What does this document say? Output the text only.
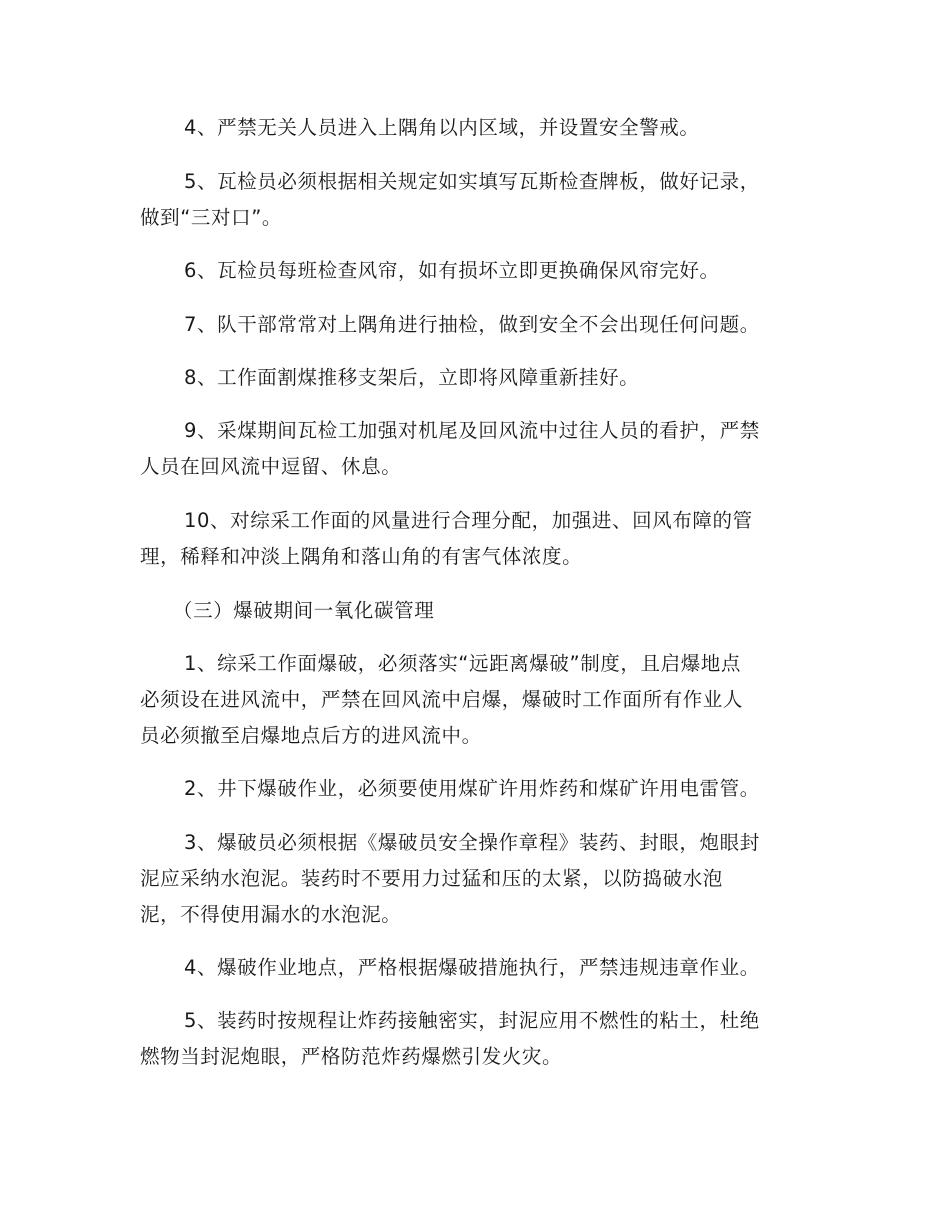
4、严禁无关人员进入上隅角以内区域，并设置安全警戒。

5、瓦检员必须根据相关规定如实填写瓦斯检查牌板，做好记录，
做到“三对口”。

6、瓦检员每班检查风帘，如有损坏立即更换确保风帘完好。

7、队干部常常对上隅角进行抽检，做到安全不会出现任何问题。

8、工作面割煤推移支架后，立即将风障重新挂好。

9、采煤期间瓦检工加强对机尾及回风流中过往人员的看护，严禁
人员在回风流中逗留、休息。

10、对综采工作面的风量进行合理分配，加强进、回风布障的管
理，稀释和冲淡上隅角和落山角的有害气体浓度。

（三）爆破期间一氧化碳管理

1、综采工作面爆破，必须落实“远距离爆破”制度，且启爆地点
必须设在进风流中，严禁在回风流中启爆，爆破时工作面所有作业人
员必须撤至启爆地点后方的进风流中。

2、井下爆破作业，必须要使用煤矿许用炸药和煤矿许用电雷管。

3、爆破员必须根据《爆破员安全操作章程》装药、封眼，炮眼封
泥应采纳水泡泥。装药时不要用力过猛和压的太紧，以防捣破水泡
泥，不得使用漏水的水泡泥。

4、爆破作业地点，严格根据爆破措施执行，严禁违规违章作业。

5、装药时按规程让炸药接触密实，封泥应用不燃性的粘土，杜绝
燃物当封泥炮眼，严格防范炸药爆燃引发火灾。
